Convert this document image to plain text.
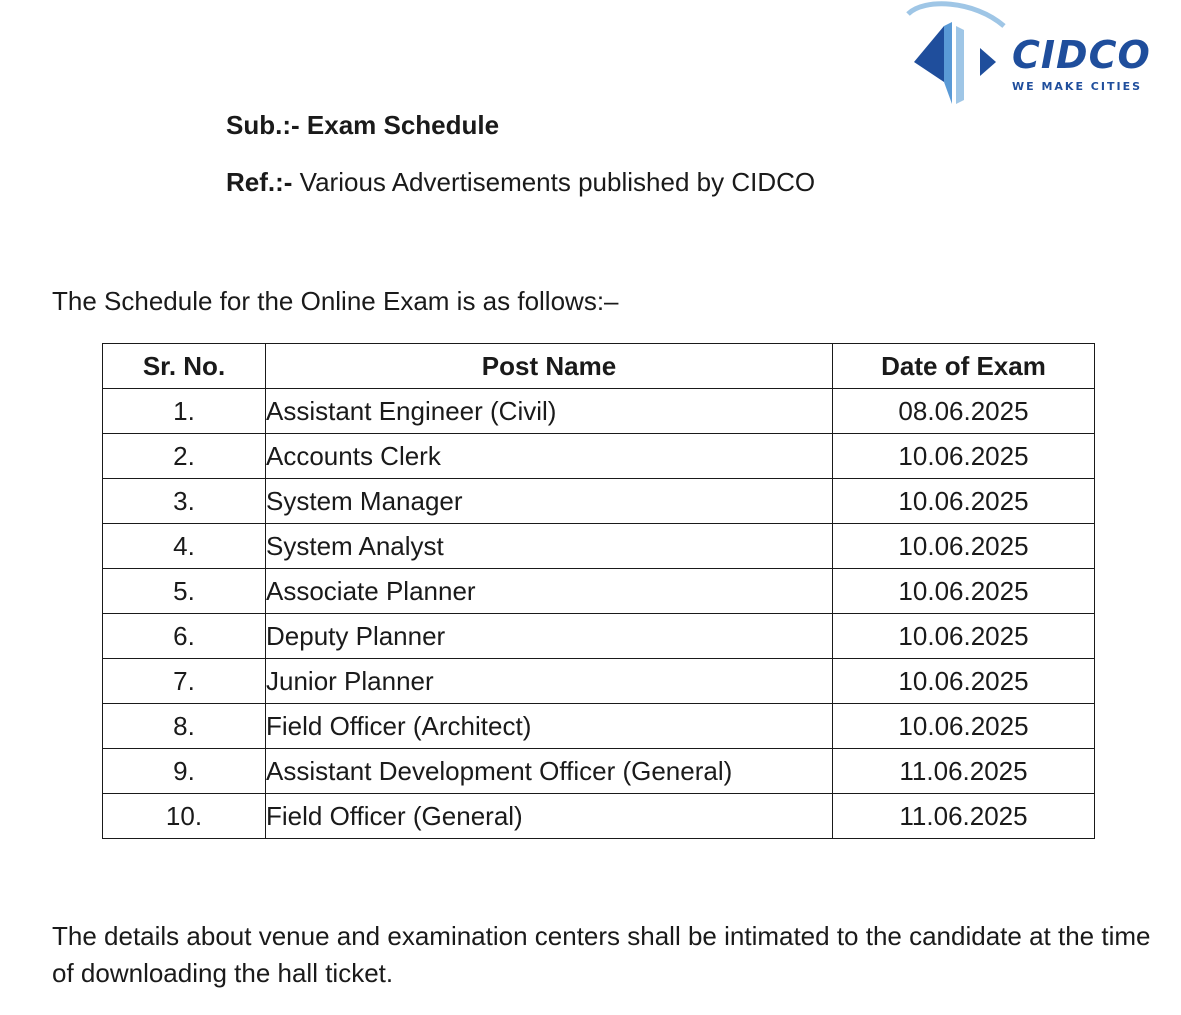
CIDCO
WE MAKE CITIES
Sub.:- Exam Schedule
Ref.:- Various Advertisements published by CIDCO
The Schedule for the Online Exam is as follows:–
Sr. No.	Post Name	Date of Exam
1.	Assistant Engineer (Civil)	08.06.2025
2.	Accounts Clerk	10.06.2025
3.	System Manager	10.06.2025
4.	System Analyst	10.06.2025
5.	Associate Planner	10.06.2025
6.	Deputy Planner	10.06.2025
7.	Junior Planner	10.06.2025
8.	Field Officer (Architect)	10.06.2025
9.	Assistant Development Officer (General)	11.06.2025
10.	Field Officer (General)	11.06.2025
The details about venue and examination centers shall be intimated to the candidate at the time of downloading the hall ticket.
